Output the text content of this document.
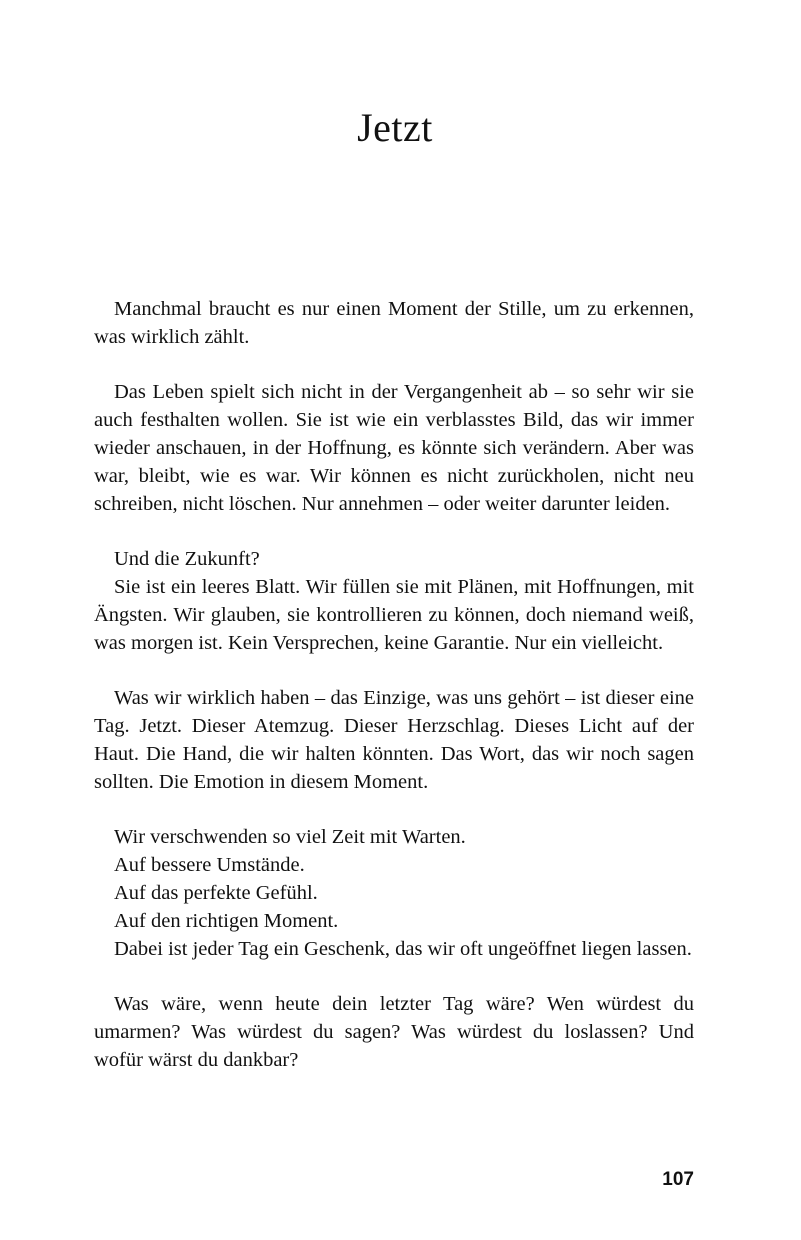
Jetzt

Manchmal braucht es nur einen Moment der Stille, um zu erkennen, was wirklich zählt.

Das Leben spielt sich nicht in der Vergangenheit ab – so sehr wir sie auch festhalten wollen. Sie ist wie ein verblasstes Bild, das wir immer wieder anschauen, in der Hoffnung, es könnte sich verändern. Aber was war, bleibt, wie es war. Wir können es nicht zurückholen, nicht neu schreiben, nicht löschen. Nur annehmen – oder weiter darunter leiden.

Und die Zukunft?

Sie ist ein leeres Blatt. Wir füllen sie mit Plänen, mit Hoffnungen, mit Ängsten. Wir glauben, sie kontrollieren zu können, doch niemand weiß, was morgen ist. Kein Versprechen, keine Garantie. Nur ein vielleicht.

Was wir wirklich haben – das Einzige, was uns gehört – ist dieser eine Tag. Jetzt. Dieser Atemzug. Dieser Herzschlag. Dieses Licht auf der Haut. Die Hand, die wir halten könnten. Das Wort, das wir noch sagen sollten. Die Emotion in diesem Moment.

Wir verschwenden so viel Zeit mit Warten.

Auf bessere Umstände.

Auf das perfekte Gefühl.

Auf den richtigen Moment.

Dabei ist jeder Tag ein Geschenk, das wir oft ungeöffnet liegen lassen.

Was wäre, wenn heute dein letzter Tag wäre? Wen würdest du umarmen? Was würdest du sagen? Was würdest du loslassen? Und wofür wärst du dankbar?

107
